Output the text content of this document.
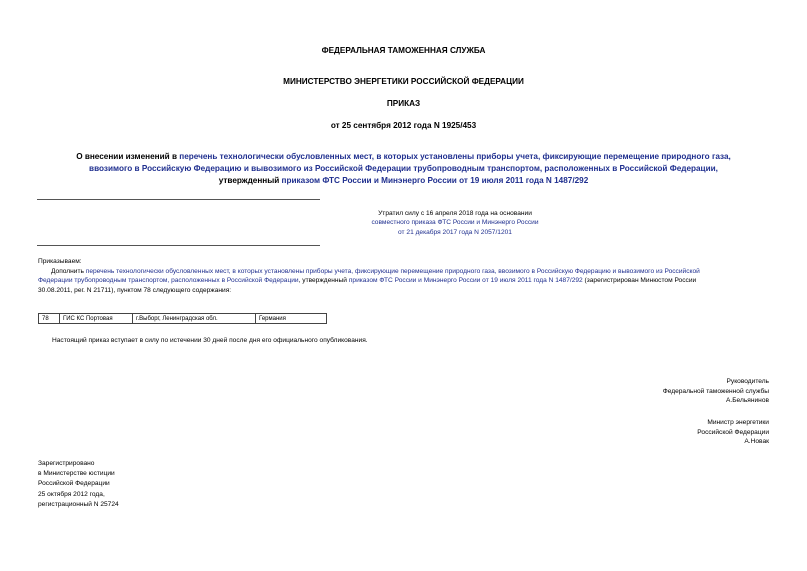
ФЕДЕРАЛЬНАЯ ТАМОЖЕННАЯ СЛУЖБА
МИНИСТЕРСТВО ЭНЕРГЕТИКИ РОССИЙСКОЙ ФЕДЕРАЦИИ
ПРИКАЗ
от 25 сентября 2012 года N 1925/453
О внесении изменений в перечень технологически обусловленных мест, в которых установлены приборы учета, фиксирующие перемещение природного газа,
ввозимого в Российскую Федерацию и вывозимого из Российской Федерации трубопроводным транспортом, расположенных в Российской Федерации,
утвержденный приказом ФТС России и Минэнерго России от 19 июля 2011 года N 1487/292
Утратил силу с 16 апреля 2018 года на основании
совместного приказа ФТС России и Минэнерго России
от 21 декабря 2017 года N 2057/1201
Приказываем:
Дополнить перечень технологически обусловленных мест, в которых установлены приборы учета, фиксирующие перемещение природного газа, ввозимого в Российскую Федерацию и вывозимого из Российской
Федерации трубопроводным транспортом, расположенных в Российской Федерации, утвержденный приказом ФТС России и Минэнерго России от 19 июля 2011 года N 1487/292 (зарегистрирован Минюстом России
30.08.2011, рег. N 21711), пунктом 78 следующего содержания:
78	ГИС КС Портовая	г.Выборг, Ленинградская обл.	Германия
Настоящий приказ вступает в силу по истечении 30 дней после дня его официального опубликования.
Руководитель
Федеральной таможенной службы
А.Бельянинов
Министр энергетики
Российской Федерации
А.Новак
Зарегистрировано
в Министерстве юстиции
Российской Федерации
25 октября 2012 года,
регистрационный N 25724
